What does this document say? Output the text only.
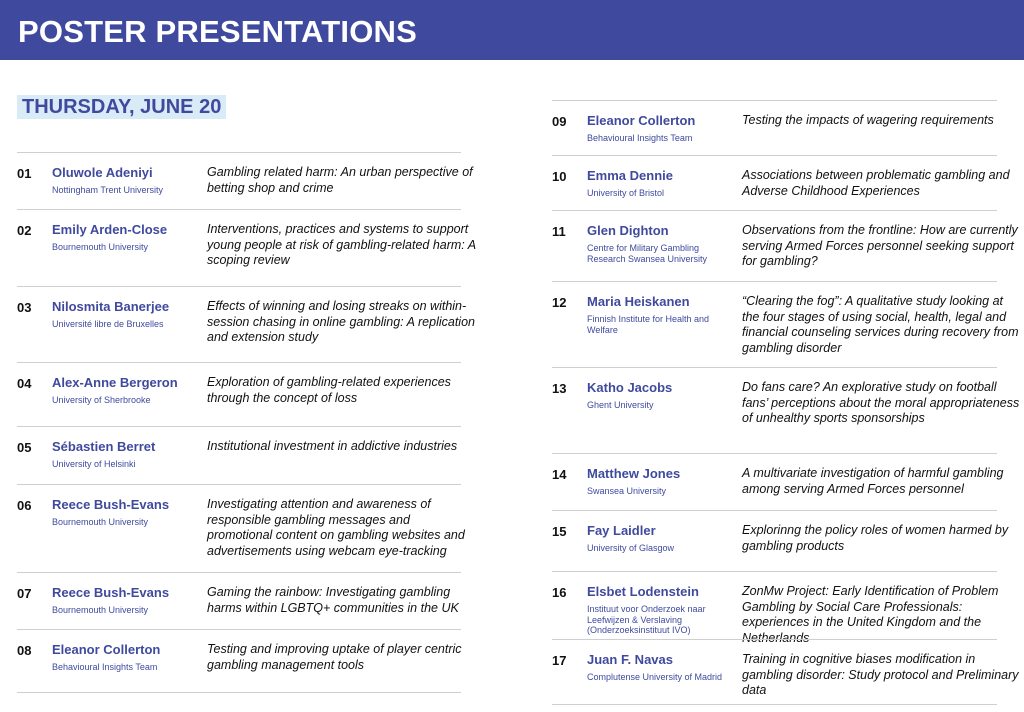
POSTER PRESENTATIONS
THURSDAY, JUNE 20
01 Oluwole Adeniyi
Nottingham Trent University
Gambling related harm: An urban perspective of betting shop and crime
02 Emily Arden-Close
Bournemouth University
Interventions, practices and systems to support young people at risk of gambling-related harm: A scoping review
03 Nilosmita Banerjee
Université libre de Bruxelles
Effects of winning and losing streaks on within-session chasing in online gambling: A replication and extension study
04 Alex-Anne Bergeron
University of Sherbrooke
Exploration of gambling-related experiences through the concept of loss
05 Sébastien Berret
University of Helsinki
Institutional investment in addictive industries
06 Reece Bush-Evans
Bournemouth University
Investigating attention and awareness of responsible gambling messages and promotional content on gambling websites and advertisements using webcam eye-tracking
07 Reece Bush-Evans
Bournemouth University
Gaming the rainbow: Investigating gambling harms within LGBTQ+ communities in the UK
08 Eleanor Collerton
Behavioural Insights Team
Testing and improving uptake of player centric gambling management tools
09 Eleanor Collerton
Behavioural Insights Team
Testing the impacts of wagering requirements
10 Emma Dennie
University of Bristol
Associations between problematic gambling and Adverse Childhood Experiences
11 Glen Dighton
Centre for Military Gambling Research Swansea University
Observations from the frontline: How are currently serving Armed Forces personnel seeking support for gambling?
12 Maria Heiskanen
Finnish Institute for Health and Welfare
“Clearing the fog”: A qualitative study looking at the four stages of using social, health, legal and financial counseling services during recovery from gambling disorder
13 Katho Jacobs
Ghent University
Do fans care? An explorative study on football fans’ perceptions about the moral appropriateness of unhealthy sports sponsorships
14 Matthew Jones
Swansea University
A multivariate investigation of harmful gambling among serving Armed Forces personnel
15 Fay Laidler
University of Glasgow
Explorinng the policy roles of women harmed by gambling products
16 Elsbet Lodenstein
Instituut voor Onderzoek naar Leefwijzen & Verslaving (Onderzoeksinstituut IVO)
ZonMw Project: Early Identification of Problem Gambling by Social Care Professionals: experiences in the United Kingdom and the Netherlands
17 Juan F. Navas
Complutense University of Madrid
Training in cognitive biases modification in gambling disorder: Study protocol and Preliminary data
